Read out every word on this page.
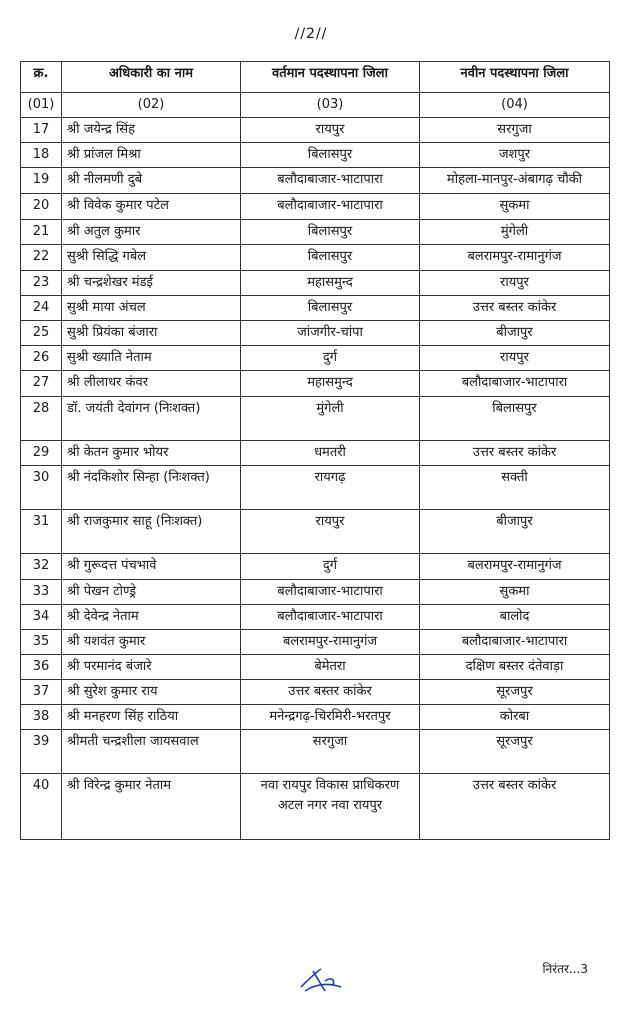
//2//
क्र.	अधिकारी का नाम	वर्तमान पदस्थापना जिला	नवीन पदस्थापना जिला
(01)	(02)	(03)	(04)
17	श्री जयेन्द्र सिंह	रायपुर	सरगुजा
18	श्री प्रांजल मिश्रा	बिलासपुर	जशपुर
19	श्री नीलमणी दुबे	बलौदाबाजार-भाटापारा	मोहला-मानपुर-अंबागढ़ चौकी
20	श्री विवेक कुमार पटेल	बलौदाबाजार-भाटापारा	सुकमा
21	श्री अतुल कुमार	बिलासपुर	मुंगेली
22	सुश्री सिद्धि गबेल	बिलासपुर	बलरामपुर-रामानुगंज
23	श्री चन्द्रशेखर मंडई	महासमुन्द	रायपुर
24	सुश्री माया अंचल	बिलासपुर	उत्तर बस्तर कांकेर
25	सुश्री प्रियंका बंजारा	जांजगीर-चांपा	बीजापुर
26	सुश्री ख्याति नेताम	दुर्ग	रायपुर
27	श्री लीलाधर कंवर	महासमुन्द	बलौदाबाजार-भाटापारा
28	डॉ. जयंती देवांगन (निःशक्त)	मुंगेली	बिलासपुर
29	श्री केतन कुमार भोयर	धमतरी	उत्तर बस्तर कांकेर
30	श्री नंदकिशोर सिन्हा (निःशक्त)	रायगढ़	सक्ती
31	श्री राजकुमार साहू (निःशक्त)	रायपुर	बीजापुर
32	श्री गुरूदत्त पंचभावे	दुर्ग	बलरामपुर-रामानुगंज
33	श्री पेखन टोण्ड्रे	बलौदाबाजार-भाटापारा	सुकमा
34	श्री देवेन्द्र नेताम	बलौदाबाजार-भाटापारा	बालोद
35	श्री यशवंत कुमार	बलरामपुर-रामानुगंज	बलौदाबाजार-भाटापारा
36	श्री परमानंद बंजारे	बेमेतरा	दक्षिण बस्तर दंतेवाड़ा
37	श्री सुरेश कुमार राय	उत्तर बस्तर कांकेर	सूरजपुर
38	श्री मनहरण सिंह राठिया	मनेन्द्रगढ़-चिरमिरी-भरतपुर	कोरबा
39	श्रीमती चन्द्रशीला जायसवाल	सरगुजा	सूरजपुर
40	श्री विरेन्द्र कुमार नेताम	नवा रायपुर विकास प्राधिकरण अटल नगर नवा रायपुर	उत्तर बस्तर कांकेर
निरंतर...3
